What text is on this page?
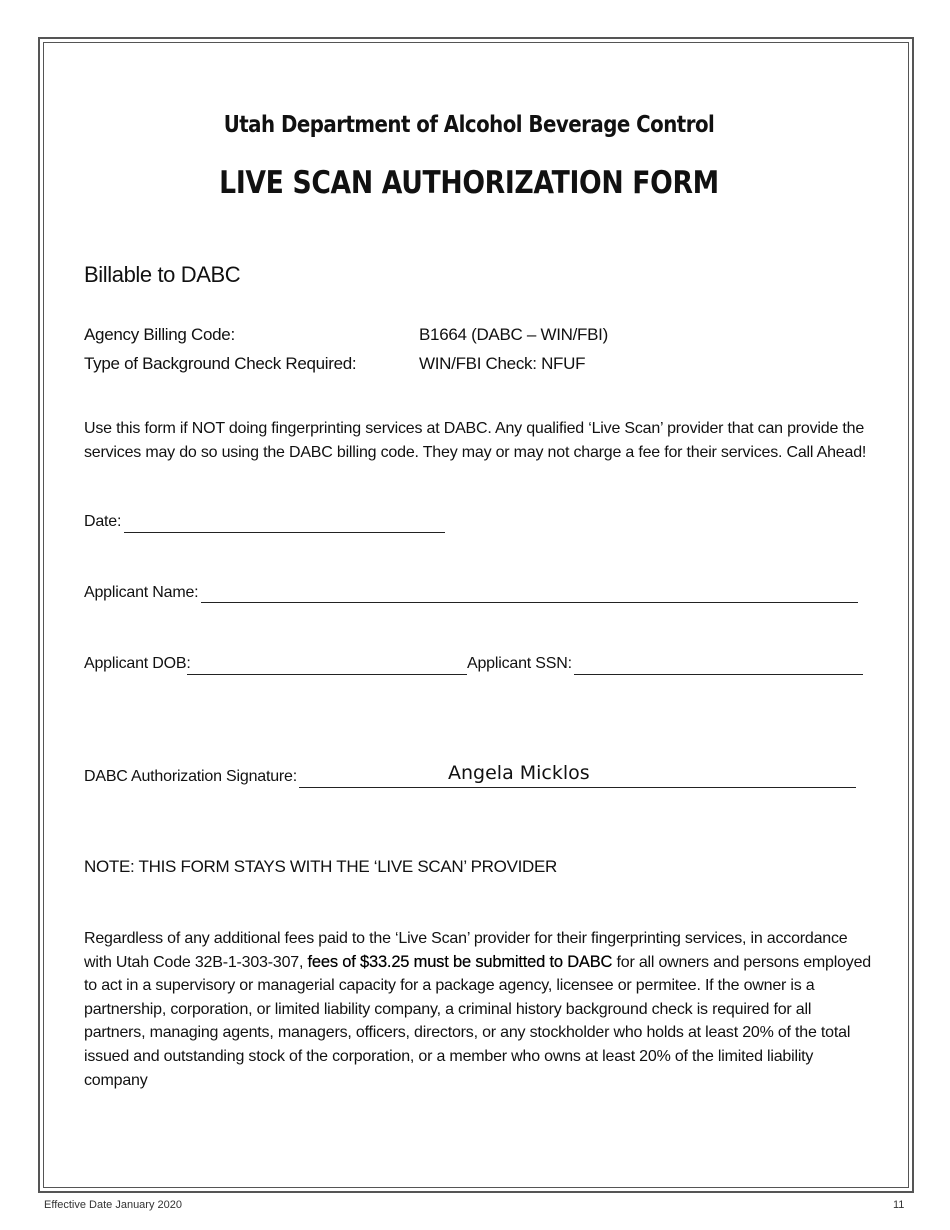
Utah Department of Alcohol Beverage Control
LIVE SCAN AUTHORIZATION FORM
Billable to DABC
Agency Billing Code:	B1664 (DABC – WIN/FBI)
Type of Background Check Required:	WIN/FBI Check: NFUF
Use this form if NOT doing fingerprinting services at DABC. Any qualified ‘Live Scan’ provider that can provide the services may do so using the DABC billing code. They may or may not charge a fee for their services. Call Ahead!
Date:
Applicant Name:
Applicant DOB:	Applicant SSN:
DABC Authorization Signature:	Angela Micklos
NOTE: THIS FORM STAYS WITH THE ‘LIVE SCAN’ PROVIDER
Regardless of any additional fees paid to the ‘Live Scan’ provider for their fingerprinting services, in accordance with Utah Code 32B-1-303-307, fees of $33.25 must be submitted to DABC for all owners and persons employed to act in a supervisory or managerial capacity for a package agency, licensee or permitee. If the owner is a partnership, corporation, or limited liability company, a criminal history background check is required for all partners, managing agents, managers, officers, directors, or any stockholder who holds at least 20% of the total issued and outstanding stock of the corporation, or a member who owns at least 20% of the limited liability company
Effective Date January 2020	11
